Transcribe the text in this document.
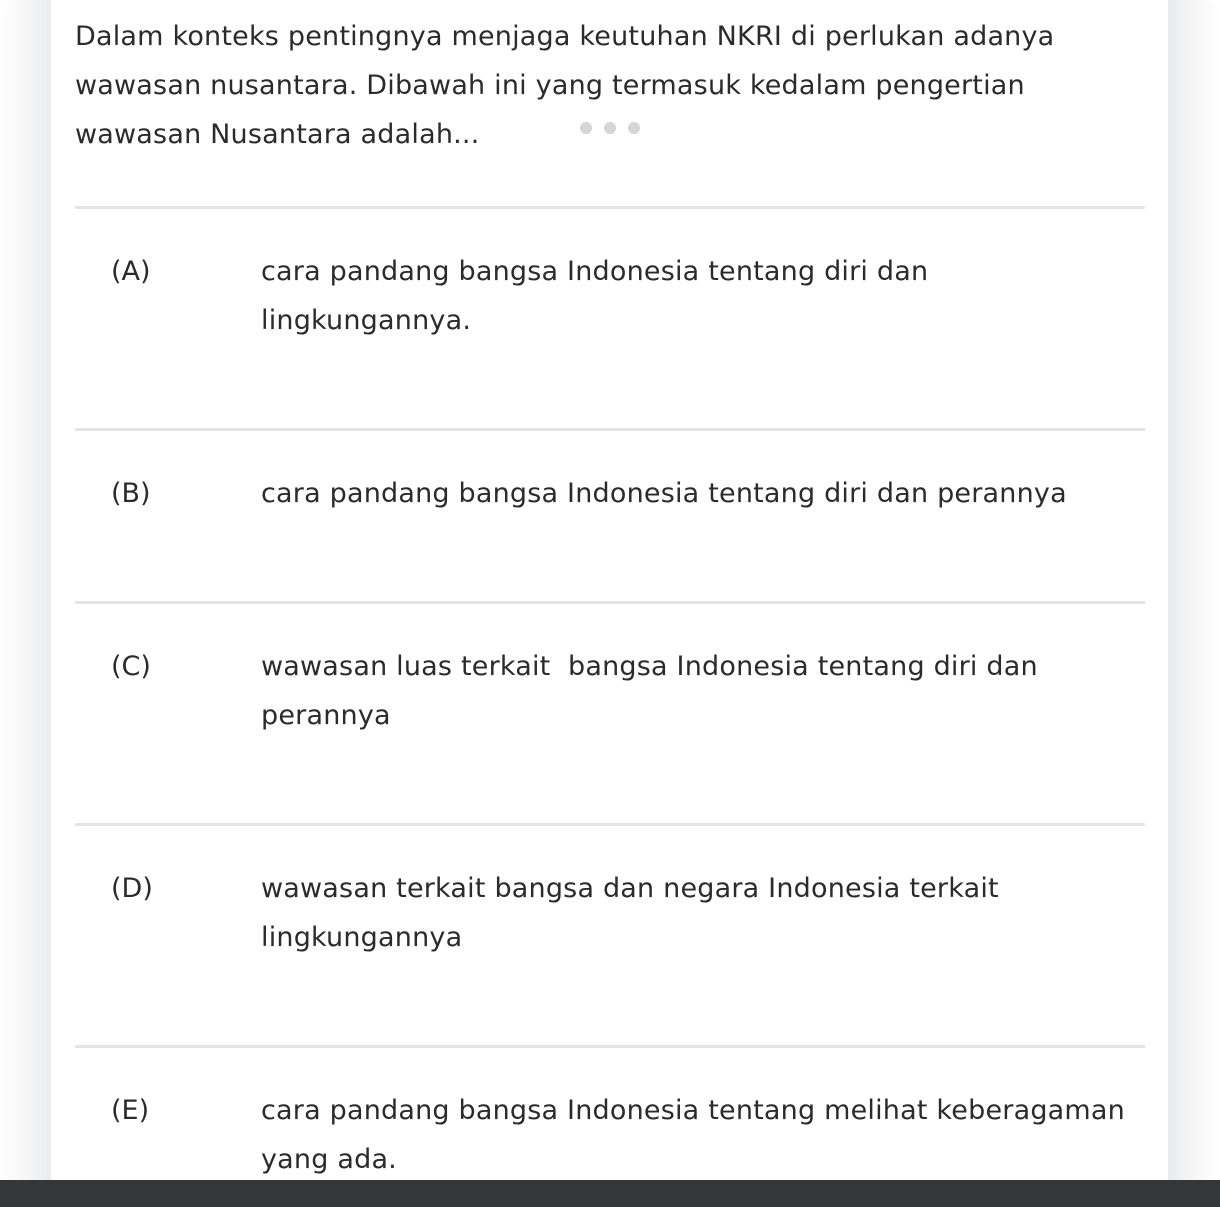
Dalam konteks pentingnya menjaga keutuhan NKRI di perlukan adanya wawasan nusantara. Dibawah ini yang termasuk kedalam pengertian wawasan Nusantara adalah...

(A)	cara pandang bangsa Indonesia tentang diri dan lingkungannya.
(B)	cara pandang bangsa Indonesia tentang diri dan perannya
(C)	wawasan luas terkait  bangsa Indonesia tentang diri dan perannya
(D)	wawasan terkait bangsa dan negara Indonesia terkait lingkungannya
(E)	cara pandang bangsa Indonesia tentang melihat keberagaman yang ada.
